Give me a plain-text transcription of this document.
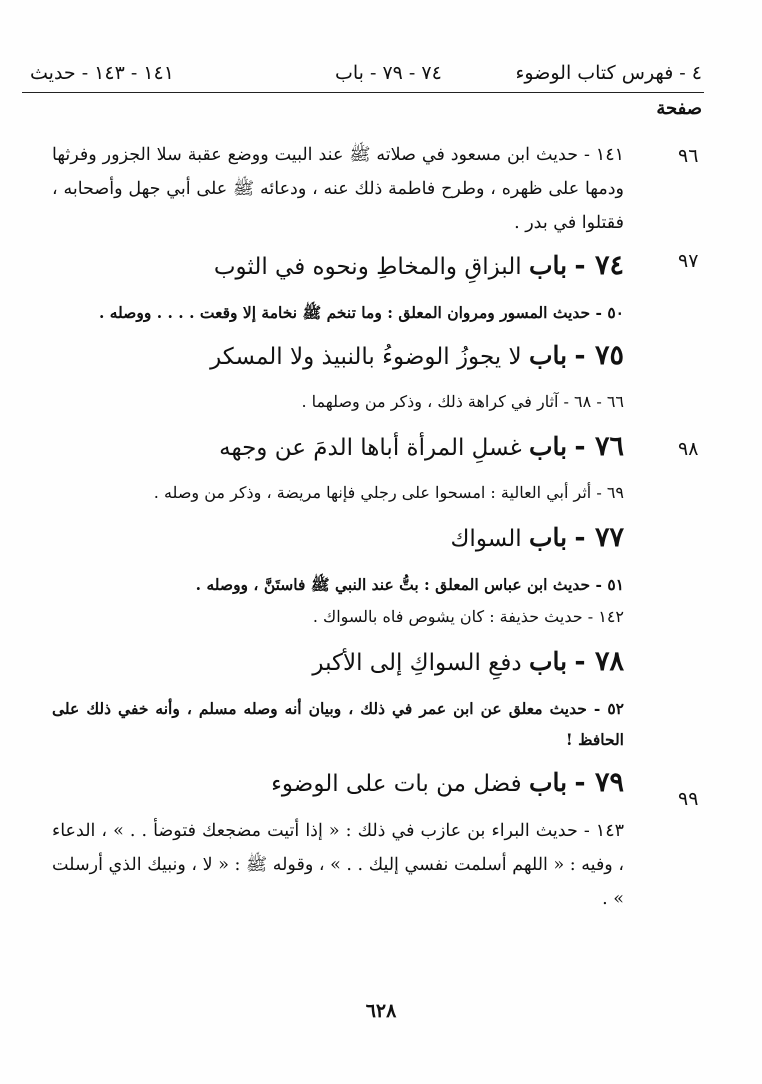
٤ - فهرس كتاب الوضوء
٧٤ - ٧٩ - باب
١٤١ - ١٤٣ - حديث
صفحة
٩٦
٩٧
٩٨
٩٩

١٤١ - حديث ابن مسعود في صلاته ﷺ عند البيت ووضع عقبة سلا الجزور وفرثها ودمها على ظهره ، وطرح فاطمة ذلك عنه ، ودعائه ﷺ على أبي جهل وأصحابه ، فقتلوا في بدر .

٧٤ - باب البزاقِ والمخاطِ ونحوه في الثوب

٥٠ - حديث المسور ومروان المعلق : وما تنخم ﷺ نخامة إلا وقعت . . . . ووصله .

٧٥ - باب لا يجوزُ الوضوءُ بالنبيذ ولا المسكر

٦٦ - ٦٨ - آثار في كراهة ذلك ، وذكر من وصلهما .

٧٦ - باب غسلِ المرأة أباها الدمَ عن وجهه

٦٩ - أثر أبي العالية : امسحوا على رجلي فإنها مريضة ، وذكر من وصله .

٧٧ - باب السواك

٥١ - حديث ابن عباس المعلق : بتُّ عند النبي ﷺ فاستَنَّ ، ووصله .

١٤٢ - حديث حذيفة : كان يشوص فاه بالسواك .

٧٨ - باب دفعِ السواكِ إلى الأكبر

٥٢ - حديث معلق عن ابن عمر في ذلك ، وبيان أنه وصله مسلم ، وأنه خفي ذلك على الحافظ !

٧٩ - باب فضل من بات على الوضوء

١٤٣ - حديث البراء بن عازب في ذلك : « إذا أتيت مضجعك فتوضأ . . » ، الدعاء ، وفيه : « اللهم أسلمت نفسي إليك . . » ، وقوله ﷺ : « لا ، ونبيك الذي أرسلت » .

٦٢٨
